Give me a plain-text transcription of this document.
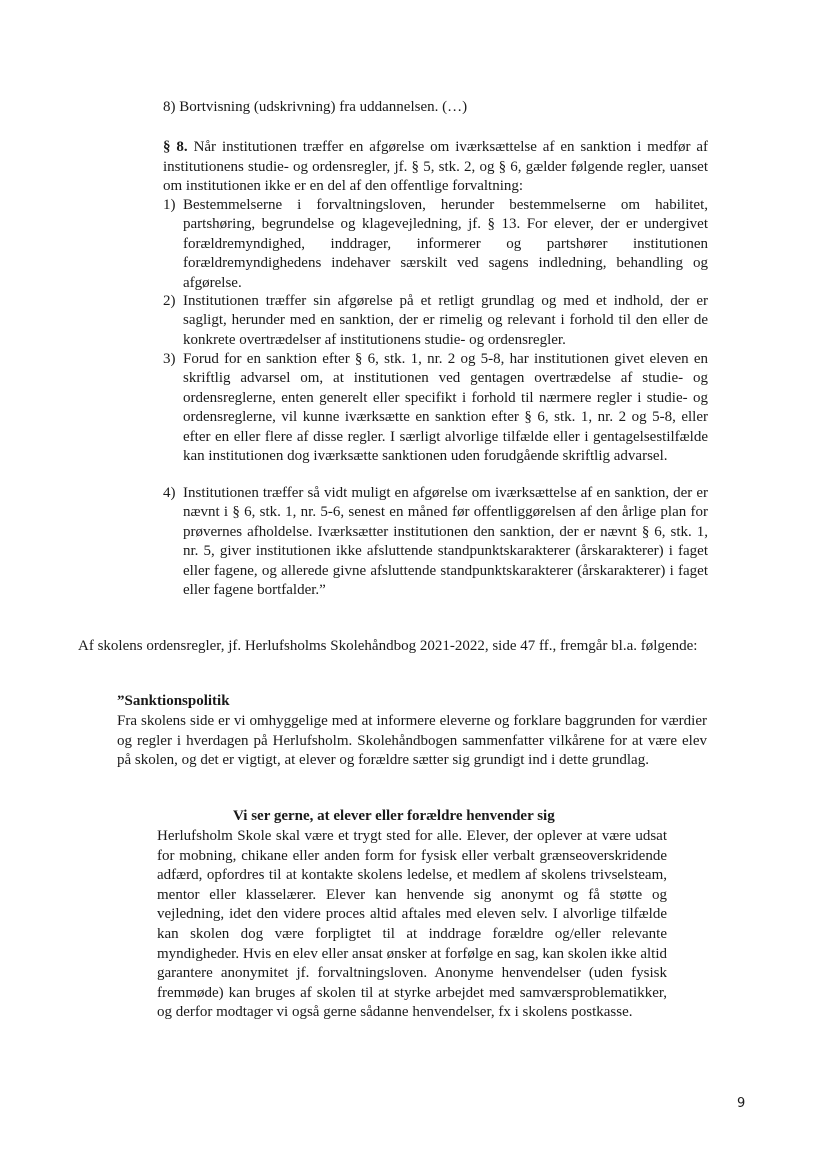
8) Bortvisning (udskrivning) fra uddannelsen. (…)
§ 8. Når institutionen træffer en afgørelse om iværksættelse af en sanktion i medfør af institutionens studie- og ordensregler, jf. § 5, stk. 2, og § 6, gælder følgende regler, uanset om institutionen ikke er en del af den offentlige forvaltning:
1) Bestemmelserne i forvaltningsloven, herunder bestemmelserne om habilitet, partshøring, begrundelse og klagevejledning, jf. § 13. For elever, der er undergivet forældremyndighed, inddrager, informerer og partshører institutionen forældremyndighedens indehaver særskilt ved sagens indledning, behandling og afgørelse.
2) Institutionen træffer sin afgørelse på et retligt grundlag og med et indhold, der er sagligt, herunder med en sanktion, der er rimelig og relevant i forhold til den eller de konkrete overtrædelser af institutionens studie- og ordensregler.
3) Forud for en sanktion efter § 6, stk. 1, nr. 2 og 5-8, har institutionen givet eleven en skriftlig advarsel om, at institutionen ved gentagen overtrædelse af studie- og ordensreglerne, enten generelt eller specifikt i forhold til nærmere regler i studie- og ordensreglerne, vil kunne iværksætte en sanktion efter § 6, stk. 1, nr. 2 og 5-8, eller efter en eller flere af disse regler. I særligt alvorlige tilfælde eller i gentagelsestilfælde kan institutionen dog iværksætte sanktionen uden forudgående skriftlig advarsel.
4) Institutionen træffer så vidt muligt en afgørelse om iværksættelse af en sanktion, der er nævnt i § 6, stk. 1, nr. 5-6, senest en måned før offentliggørelsen af den årlige plan for prøvernes afholdelse. Iværksætter institutionen den sanktion, der er nævnt § 6, stk. 1, nr. 5, giver institutionen ikke afsluttende standpunktskarakterer (årskarakterer) i faget eller fagene, og allerede givne afsluttende standpunktskarakterer (årskarakterer) i faget eller fagene bortfalder.”
Af skolens ordensregler, jf. Herlufsholms Skolehåndbog 2021-2022, side 47 ff., fremgår bl.a. følgende:
”Sanktionspolitik
Fra skolens side er vi omhyggelige med at informere eleverne og forklare baggrunden for værdier og regler i hverdagen på Herlufsholm. Skolehåndbogen sammenfatter vilkårene for at være elev på skolen, og det er vigtigt, at elever og forældre sætter sig grundigt ind i dette grundlag.
Vi ser gerne, at elever eller forældre henvender sig
Herlufsholm Skole skal være et trygt sted for alle. Elever, der oplever at være udsat for mobning, chikane eller anden form for fysisk eller verbalt grænseoverskridende adfærd, opfordres til at kontakte skolens ledelse, et medlem af skolens trivselsteam, mentor eller klasselærer. Elever kan henvende sig anonymt og få støtte og vejledning, idet den videre proces altid aftales med eleven selv. I alvorlige tilfælde kan skolen dog være forpligtet til at inddrage forældre og/eller relevante myndigheder. Hvis en elev eller ansat ønsker at forfølge en sag, kan skolen ikke altid garantere anonymitet jf. forvaltningsloven. Anonyme henvendelser (uden fysisk fremmøde) kan bruges af skolen til at styrke arbejdet med samværsproblematikker, og derfor modtager vi også gerne sådanne henvendelser, fx i skolens postkasse.
9
